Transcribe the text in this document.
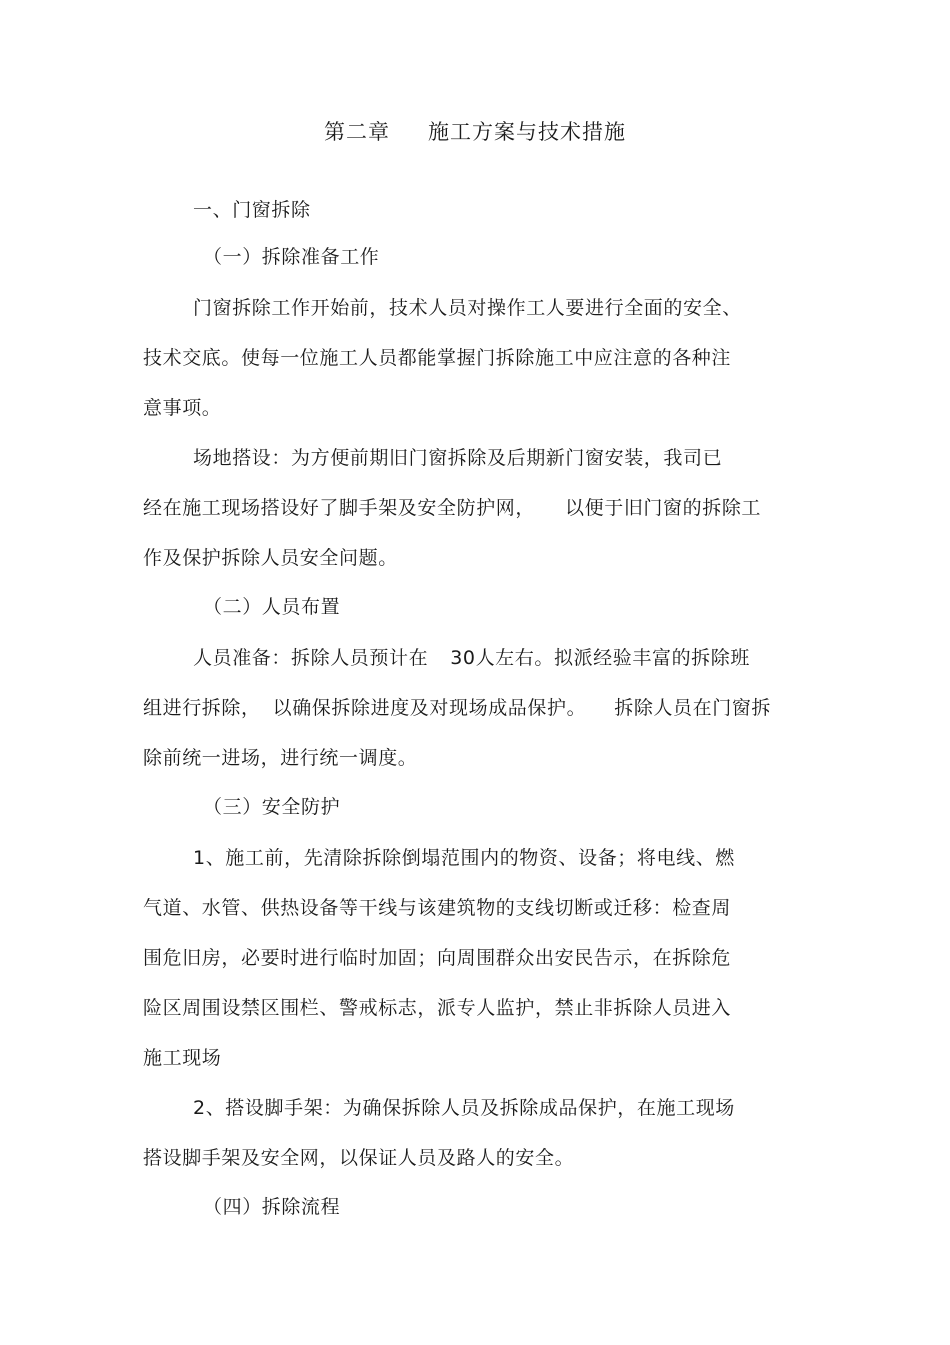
第二章 施工方案与技术措施
一、门窗拆除
（一）拆除准备工作
门窗拆除工作开始前，技术人员对操作工人要进行全面的安全、
技术交底。使每一位施工人员都能掌握门拆除施工中应注意的各种注
意事项。
场地搭设：为方便前期旧门窗拆除及后期新门窗安装，我司已
经在施工现场搭设好了脚手架及安全防护网， 以便于旧门窗的拆除工
作及保护拆除人员安全问题。
（二）人员布置
人员准备：拆除人员预计在 30人左右。拟派经验丰富的拆除班
组进行拆除， 以确保拆除进度及对现场成品保护。 拆除人员在门窗拆
除前统一进场，进行统一调度。
（三）安全防护
1、施工前，先清除拆除倒塌范围内的物资、设备；将电线、燃
气道、水管、供热设备等干线与该建筑物的支线切断或迁移：检查周
围危旧房，必要时进行临时加固；向周围群众出安民告示，在拆除危
险区周围设禁区围栏、警戒标志，派专人监护，禁止非拆除人员进入
施工现场
2、搭设脚手架：为确保拆除人员及拆除成品保护，在施工现场
搭设脚手架及安全网，以保证人员及路人的安全。
（四）拆除流程
